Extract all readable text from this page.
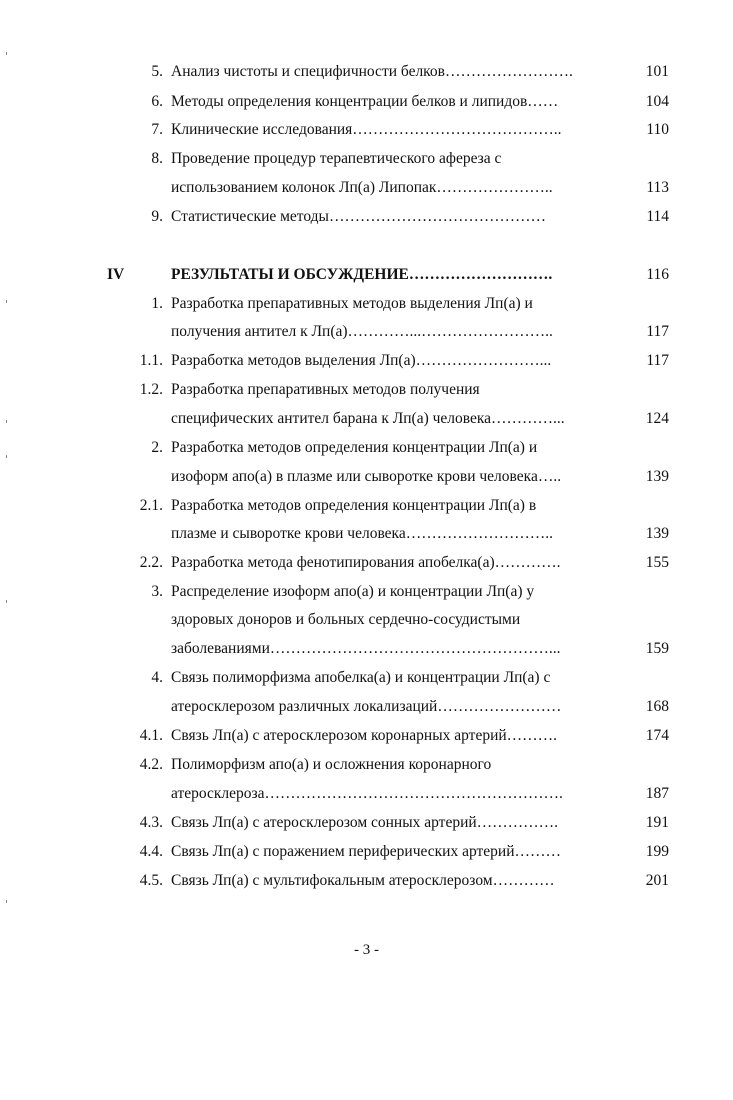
5. Анализ чистоты и специфичности белков…………………….	101
6. Методы определения концентрации белков и липидов……	104
7. Клинические исследования…………………………………..	110
8. Проведение процедур терапевтического афереза с
использованием колонок Лп(а) Липопак…………………..	113
9. Статистические методы……………………………………	114
IV	РЕЗУЛЬТАТЫ И ОБСУЖДЕНИЕ……………………….	116
1. Разработка препаративных методов выделения Лп(а) и
получения антител к Лп(а)…………...……………………..	117
1.1. Разработка методов выделения Лп(а)……………………...	117
1.2. Разработка препаративных методов получения
специфических антител барана к Лп(а) человека…………...	124
2. Разработка методов определения концентрации Лп(а) и
изоформ апо(а) в плазме или сыворотке крови человека…..	139
2.1. Разработка методов определения концентрации Лп(а) в
плазме и сыворотке крови человека………………………..	139
2.2. Разработка метода фенотипирования апобелка(а)………….	155
3. Распределение изоформ апо(а) и концентрации Лп(а) у
здоровых доноров и больных сердечно-сосудистыми
заболеваниями………………………………………………...	159
4. Связь полиморфизма апобелка(а) и концентрации Лп(а) с
атеросклерозом различных локализаций……………………	168
4.1. Связь Лп(а) с атеросклерозом коронарных артерий……….	174
4.2. Полиморфизм апо(а) и осложнения коронарного
атеросклероза………………………………………………….	187
4.3. Связь Лп(а) с атеросклерозом сонных артерий…………….	191
4.4. Связь Лп(а) с поражением периферических артерий………	199
4.5. Связь Лп(а) с мультифокальным атеросклерозом…………	201
- 3 -
